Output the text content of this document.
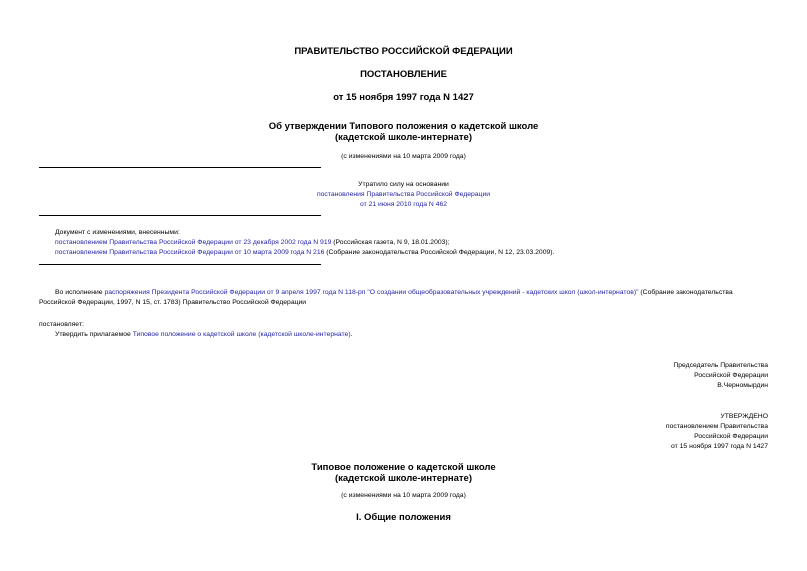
ПРАВИТЕЛЬСТВО РОССИЙСКОЙ ФЕДЕРАЦИИ
ПОСТАНОВЛЕНИЕ
от 15 ноября 1997 года N 1427
Об утверждении Типового положения о кадетской школе
(кадетской школе-интернате)
(с изменениями на 10 марта 2009 года)
Утратило силу на основании
постановления Правительства Российской Федерации
от 21 июня 2010 года N 462
Документ с изменениями, внесенными:
постановлением Правительства Российской Федерации от 23 декабря 2002 года N 919 (Российская газета, N 9, 18.01.2003);
постановлением Правительства Российской Федерации от 10 марта 2009 года N 216 (Собрание законодательства Российской Федерации, N 12, 23.03.2009).
Во исполнение распоряжения Президента Российской Федерации от 9 апреля 1997 года N 118-рп "О создании общеобразовательных учреждений - кадетских школ (школ-интернатов)" (Собрание законодательства
Российской Федерации, 1997, N 15, ст. 1783) Правительство Российской Федерации
постановляет:
Утвердить прилагаемое Типовое положение о кадетской школе (кадетской школе-интернате).
Председатель Правительства
Российской Федерации
В.Черномырдин
УТВЕРЖДЕНО
постановлением Правительства
Российской Федерации
от 15 ноября 1997 года N 1427
Типовое положение о кадетской школе
(кадетской школе-интернате)
(с изменениями на 10 марта 2009 года)
I. Общие положения
